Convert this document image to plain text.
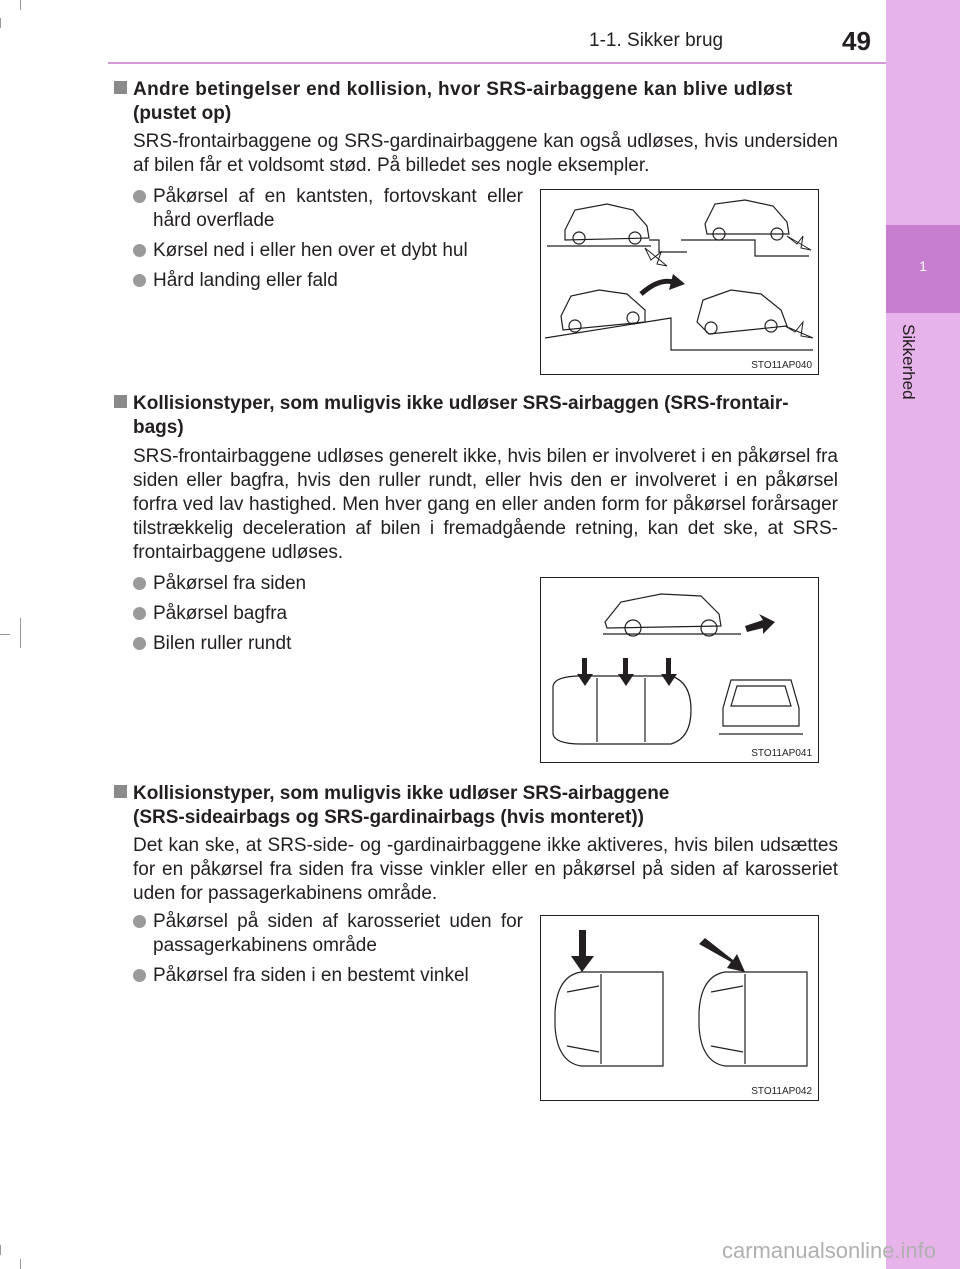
1
Sikkerhed
1-1. Sikker brug	49
Andre betingelser end kollision, hvor SRS-airbaggene kan blive udløst
(pustet op)
SRS-frontairbaggene og SRS-gardinairbaggene kan også udløses, hvis undersiden af bilen får et voldsomt stød. På billedet ses nogle eksempler.
Påkørsel af en kantsten, fortovskant eller hård overflade
Kørsel ned i eller hen over et dybt hul
Hård landing eller fald
STO11AP040
Kollisionstyper, som muligvis ikke udløser SRS-airbaggen (SRS-frontair-
bags)
SRS-frontairbaggene udløses generelt ikke, hvis bilen er involveret i en påkørsel fra siden eller bagfra, hvis den ruller rundt, eller hvis den er involveret i en påkørsel forfra ved lav hastighed. Men hver gang en eller anden form for påkørsel forårsager tilstrækkelig deceleration af bilen i fremadgående retning, kan det ske, at SRS-frontairbaggene udløses.
Påkørsel fra siden
Påkørsel bagfra
Bilen ruller rundt
STO11AP041
Kollisionstyper, som muligvis ikke udløser SRS-airbaggene
(SRS-sideairbags og SRS-gardinairbags (hvis monteret))
Det kan ske, at SRS-side- og -gardinairbaggene ikke aktiveres, hvis bilen udsættes for en påkørsel fra siden fra visse vinkler eller en påkørsel på siden af karosseriet uden for passagerkabinens område.
Påkørsel på siden af karosseriet uden for passagerkabinens område
Påkørsel fra siden i en bestemt vinkel
STO11AP042
carmanualsonline.info
